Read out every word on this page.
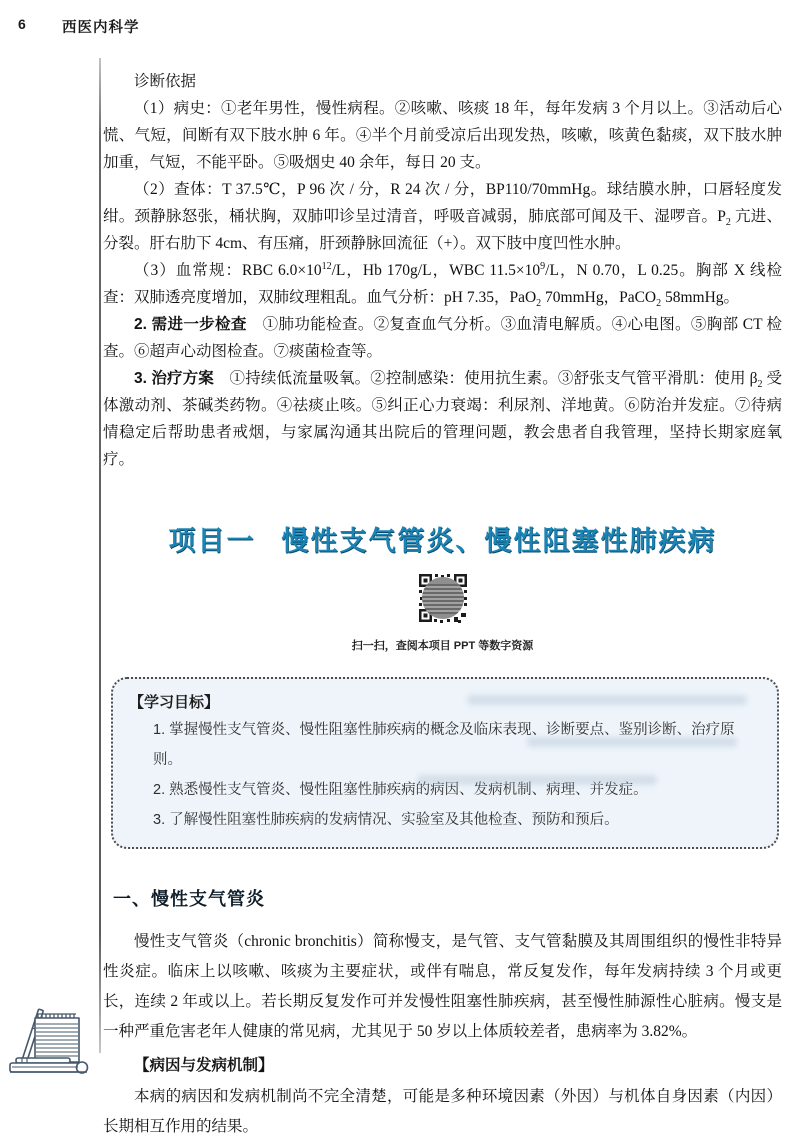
6 西医内科学

诊断依据

（1）病史：①老年男性，慢性病程。②咳嗽、咳痰 18 年，每年发病 3 个月以上。③活动后心慌、气短，间断有双下肢水肿 6 年。④半个月前受凉后出现发热，咳嗽，咳黄色黏痰，双下肢水肿加重，气短，不能平卧。⑤吸烟史 40 余年，每日 20 支。

（2）查体：T 37.5℃，P 96 次 / 分，R 24 次 / 分，BP110/70mmHg。球结膜水肿，口唇轻度发绀。颈静脉怒张，桶状胸，双肺叩诊呈过清音，呼吸音减弱，肺底部可闻及干、湿啰音。$P_2$ 亢进、分裂。肝右肋下 4cm、有压痛，肝颈静脉回流征（+）。双下肢中度凹性水肿。

（3）血常规：RBC $6.0\times 10^{12}/L$，Hb 170g/L，WBC $11.5\times 10^9/L$，N 0.70，L 0.25。胸部 X 线检查：双肺透亮度增加，双肺纹理粗乱。血气分析：pH 7.35，PaO$_2$ 70mmHg，PaCO$_2$ 58mmHg。

2. 需进一步检查　①肺功能检查。②复查血气分析。③血清电解质。④心电图。⑤胸部 CT 检查。⑥超声心动图检查。⑦痰菌检查等。

3. 治疗方案　①持续低流量吸氧。②控制感染：使用抗生素。③舒张支气管平滑肌：使用 $\beta_2$ 受体激动剂、茶碱类药物。④祛痰止咳。⑤纠正心力衰竭：利尿剂、洋地黄。⑥防治并发症。⑦待病情稳定后帮助患者戒烟，与家属沟通其出院后的管理问题，教会患者自我管理，坚持长期家庭氧疗。

项目一 慢性支气管炎、慢性阻塞性肺疾病
扫一扫，查阅本项目 PPT 等数字资源
【学习目标】
1. 掌握慢性支气管炎、慢性阻塞性肺疾病的概念及临床表现、诊断要点、鉴别诊断、治疗原则。
2. 熟悉慢性支气管炎、慢性阻塞性肺疾病的病因、发病机制、病理、并发症。
3. 了解慢性阻塞性肺疾病的发病情况、实验室及其他检查、预防和预后。
一、慢性支气管炎

慢性支气管炎（chronic bronchitis）简称慢支，是气管、支气管黏膜及其周围组织的慢性非特异性炎症。临床上以咳嗽、咳痰为主要症状，或伴有喘息，常反复发作，每年发病持续 3 个月或更长，连续 2 年或以上。若长期反复发作可并发慢性阻塞性肺疾病，甚至慢性肺源性心脏病。慢支是一种严重危害老年人健康的常见病，尤其见于 50 岁以上体质较差者，患病率为 3.82%。

【病因与发病机制】

本病的病因和发病机制尚不完全清楚，可能是多种环境因素（外因）与机体自身因素（内因）长期相互作用的结果。
